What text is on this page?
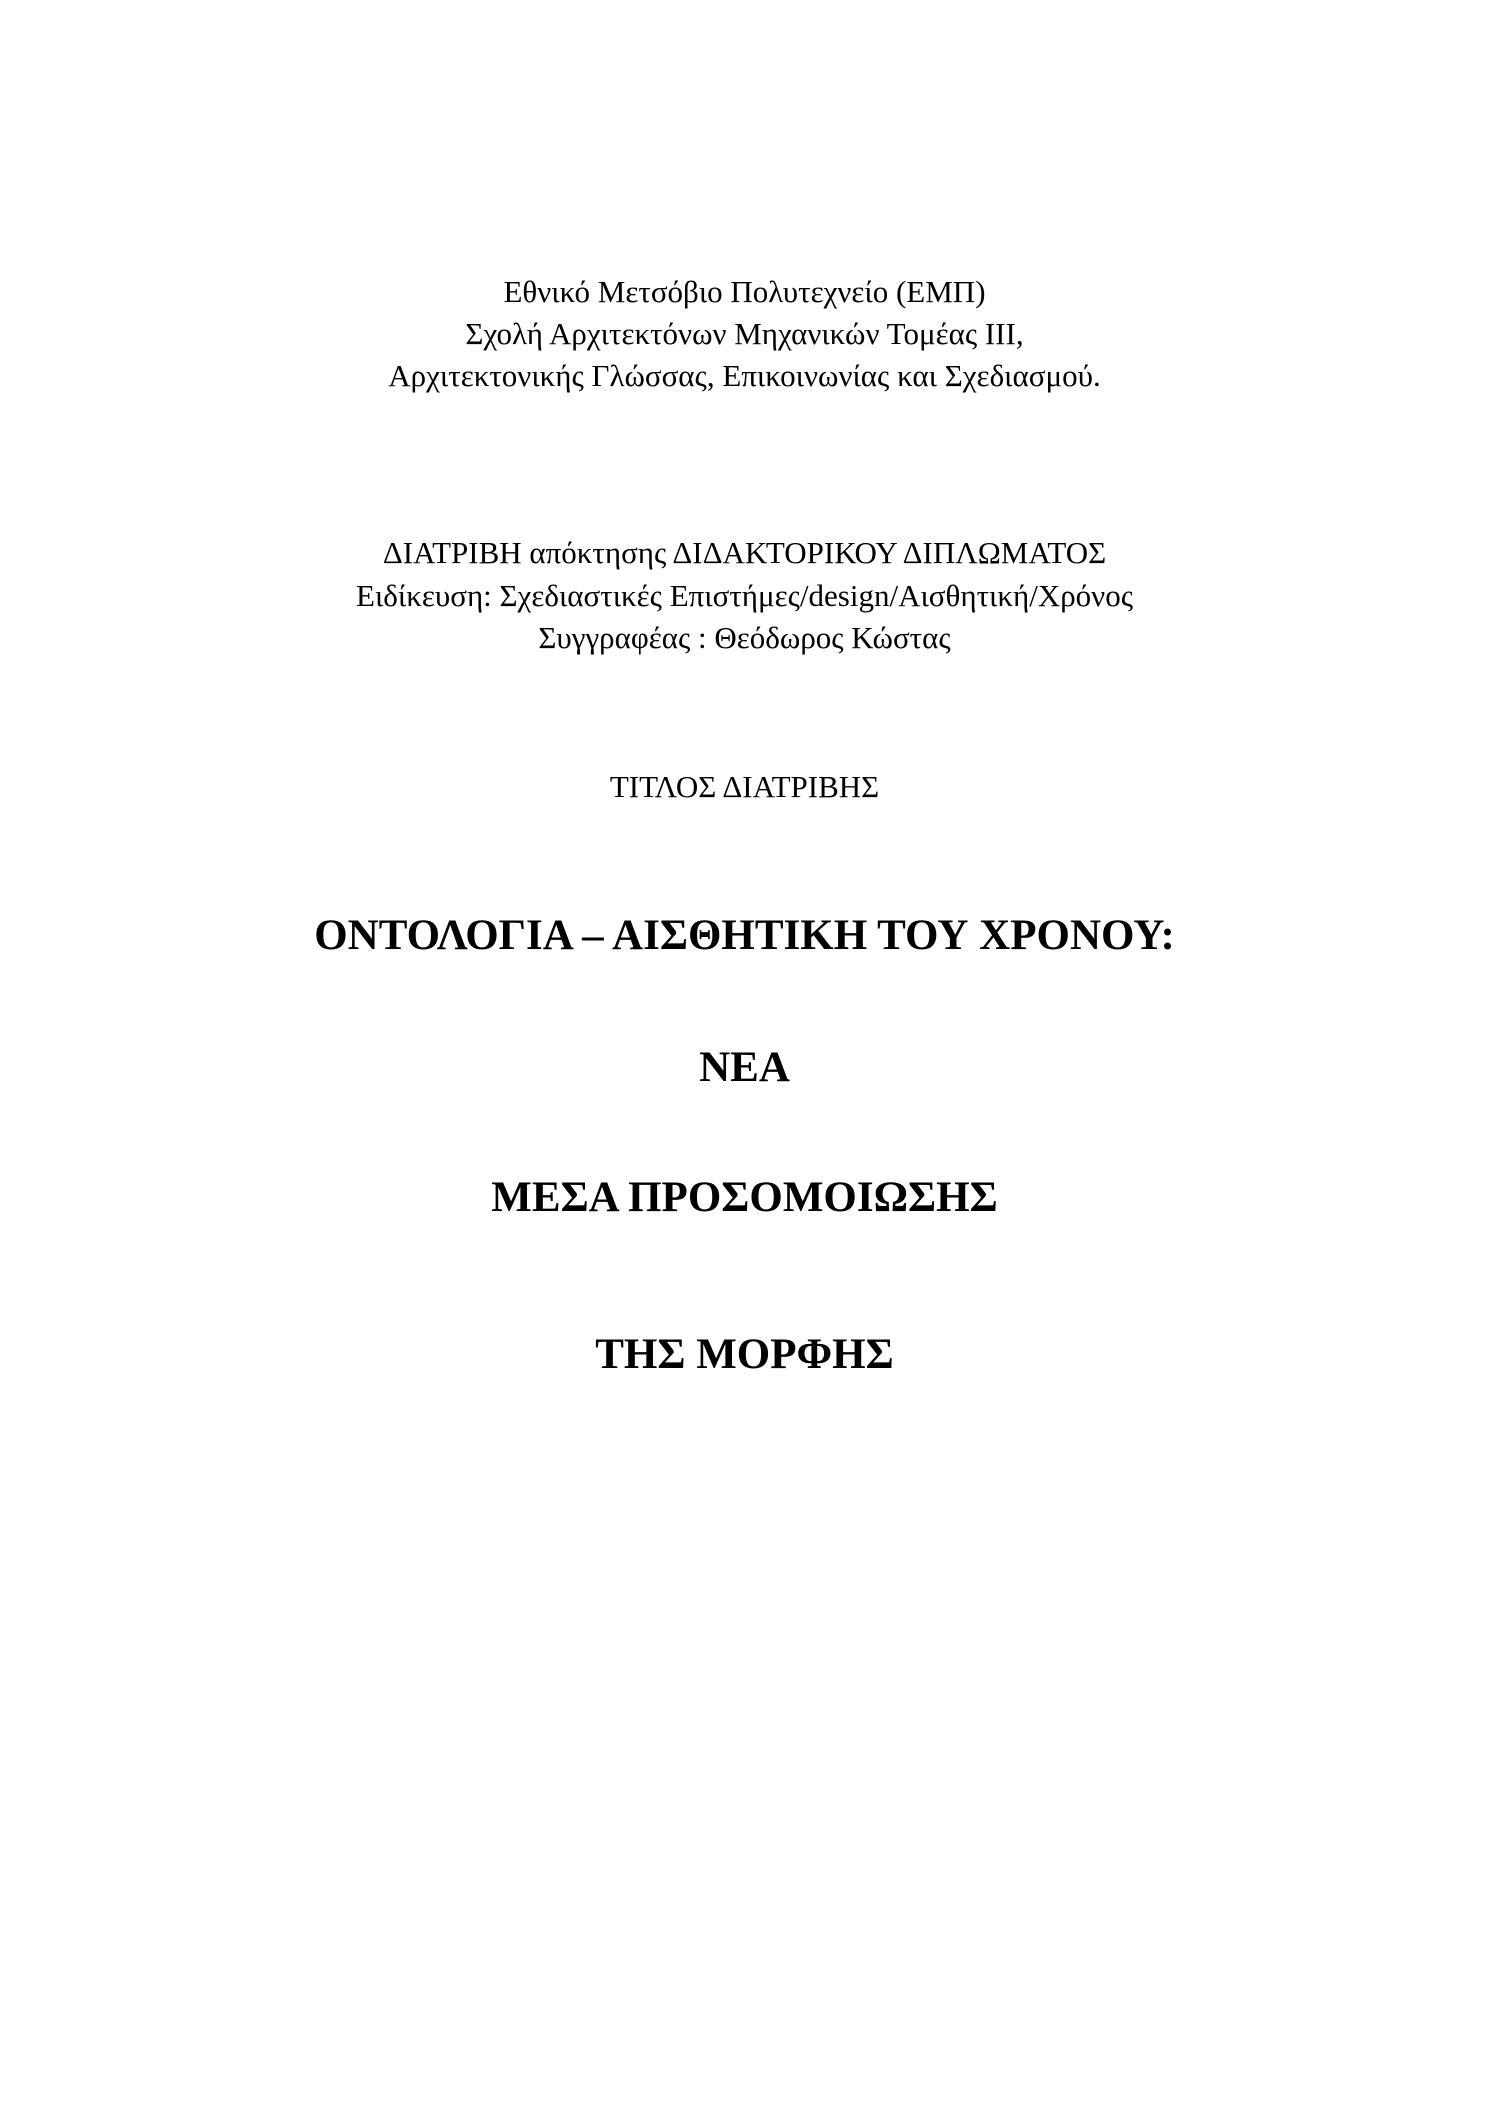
Εθνικό Μετσόβιο Πολυτεχνείο (ΕΜΠ)
Σχολή Αρχιτεκτόνων Μηχανικών Τομέας ΙΙΙ,
Αρχιτεκτονικής Γλώσσας, Επικοινωνίας και Σχεδιασμού.
ΔΙΑΤΡΙΒΗ απόκτησης ΔΙΔΑΚΤΟΡΙΚΟΥ ΔΙΠΛΩΜΑΤΟΣ
Ειδίκευση: Σχεδιαστικές Επιστήμες/design/Αισθητική/Χρόνος
Συγγραφέας : Θεόδωρος Κώστας
ΤΙΤΛΟΣ ΔΙΑΤΡΙΒΗΣ
ΟΝΤΟΛΟΓΙΑ – ΑΙΣΘΗΤΙΚΗ ΤΟΥ ΧΡΟΝΟΥ:
ΝΕΑ
ΜΕΣΑ ΠΡΟΣΟΜΟΙΩΣΗΣ
ΤΗΣ ΜΟΡΦΗΣ
